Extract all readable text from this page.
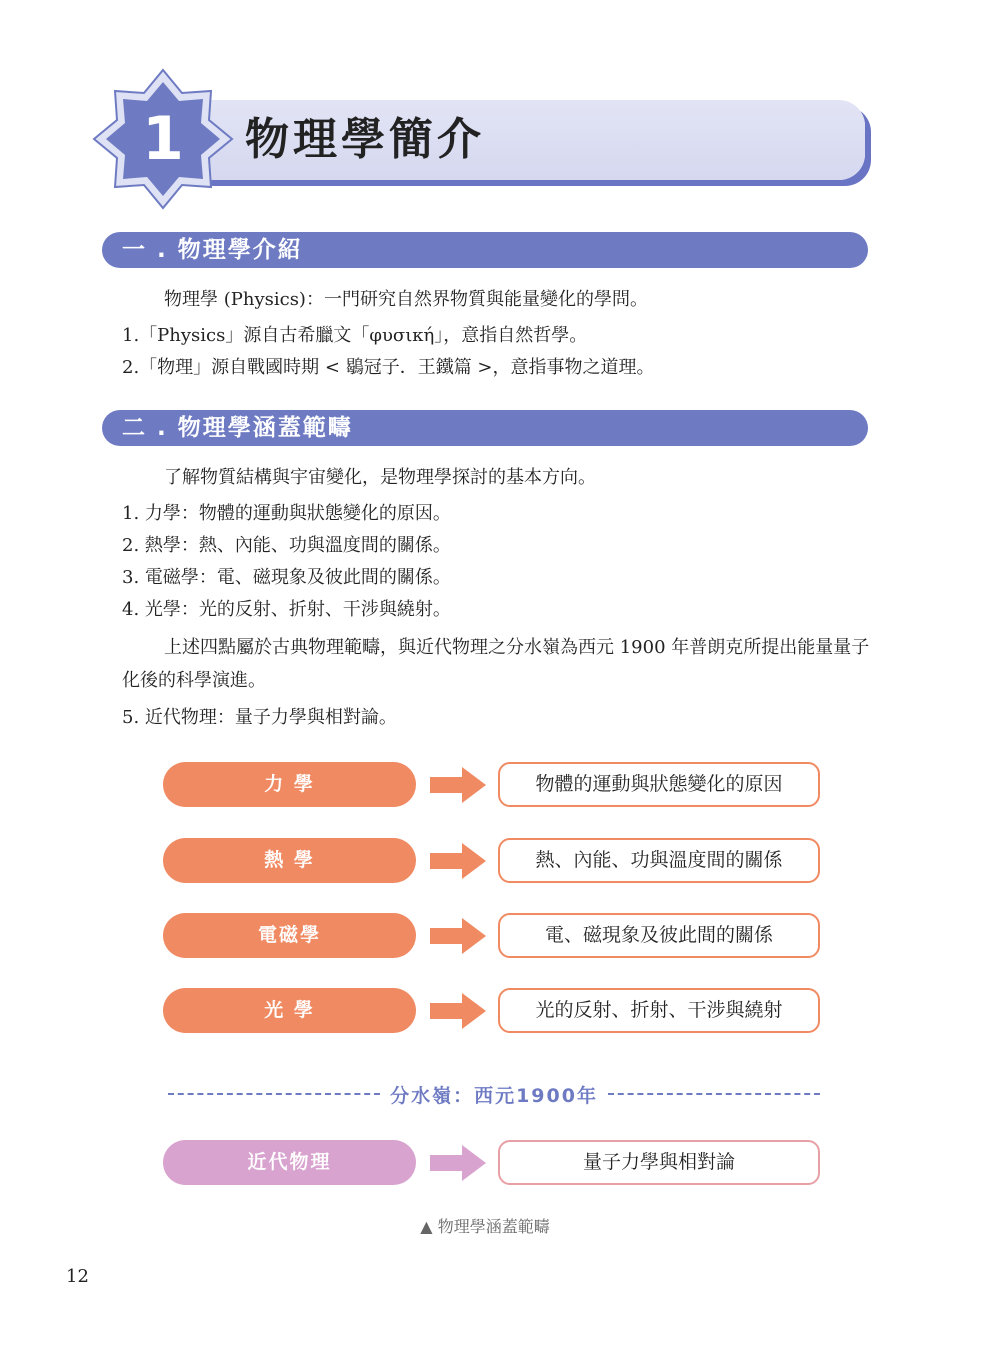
1	物理學簡介
一 . 物理學介紹

物理學 (Physics)：一門研究自然界物質與能量變化的學問。

1.「Physics」源自古希臘文「φυσική」，意指自然哲學。

2.「物理」源自戰國時期 < 鶡冠子．王鐵篇 >，意指事物之道理。

二 . 物理學涵蓋範疇

了解物質結構與宇宙變化，是物理學探討的基本方向。

1. 力學：物體的運動與狀態變化的原因。

2. 熱學：熱、內能、功與溫度間的關係。

3. 電磁學：電、磁現象及彼此間的關係。

4. 光學：光的反射、折射、干涉與繞射。

上述四點屬於古典物理範疇，與近代物理之分水嶺為西元 1900 年普朗克所提出能量量子化後的科學演進。

5. 近代物理：量子力學與相對論。

力 學	物體的運動與狀態變化的原因
熱 學	熱、內能、功與溫度間的關係
電磁學	電、磁現象及彼此間的關係
光 學	光的反射、折射、干涉與繞射
分水嶺：西元1900年
近代物理	量子力學與相對論
▲ 物理學涵蓋範疇
12
